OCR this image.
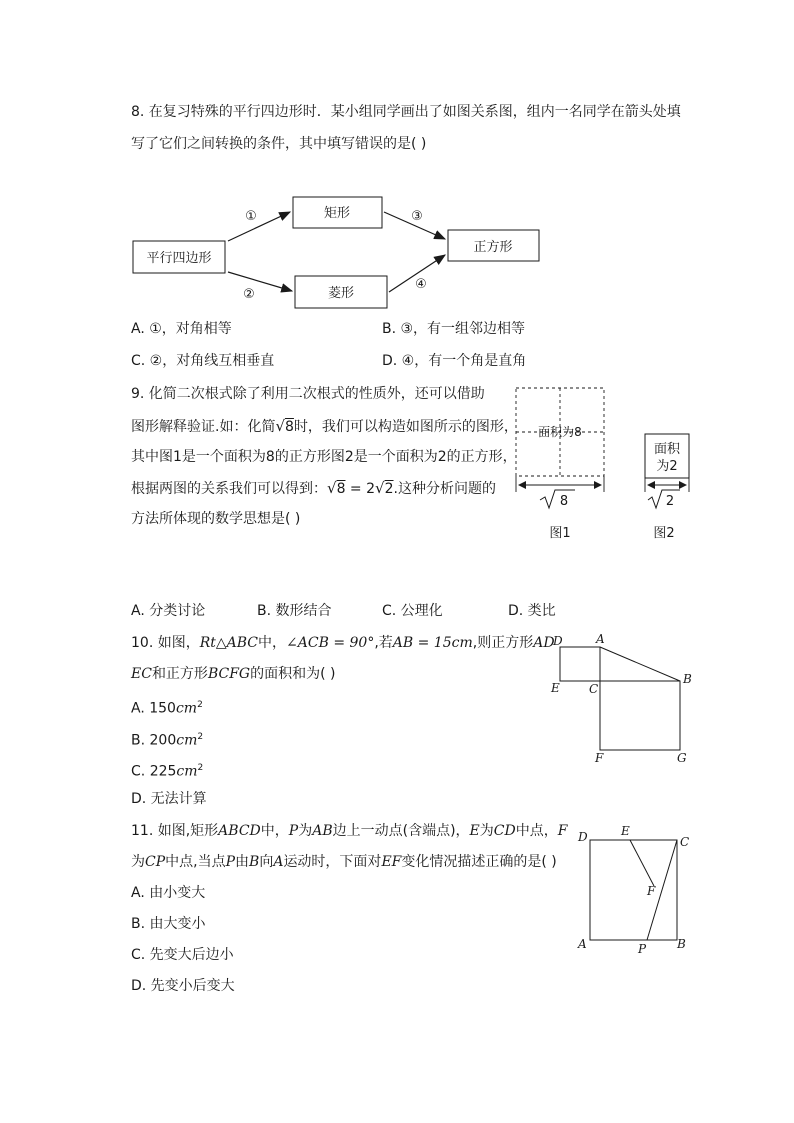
8. 在复习特殊的平行四边形时．某小组同学画出了如图关系图，组内一名同学在箭头处填
写了它们之间转换的条件，其中填写错误的是( )
平行四边形
矩形
菱形
正方形
①
②
③
④
A. ①，对角相等	B. ③，有一组邻边相等
C. ②，对角线互相垂直	D. ④，有一个角是直角
9. 化简二次根式除了利用二次根式的性质外，还可以借助
图形解释验证.如：化简√8时，我们可以构造如图所示的图形，
其中图1是一个面积为8的正方形图2是一个面积为2的正方形，
根据两图的关系我们可以得到：√8 = 2√2.这种分析问题的
方法所体现的数学思想是( )
面积为8
8
图1
面积
为2
2
图2
A. 分类讨论	B. 数形结合	C. 公理化	D. 类比
10. 如图，Rt△ABC中，∠ACB = 90°,若AB = 15cm,则正方形AD
EC和正方形BCFG的面积和为( )
A. $150cm^2$
B. $200cm^2$
C. $225cm^2$
D. 无法计算
D	A
E C
B
F	G
11. 如图,矩形ABCD中，P为AB边上一动点(含端点)，E为CD中点，F
为CP中点,当点P由B向A运动时，下面对EF变化情况描述正确的是( )
A. 由小变大
B. 由大变小
C. 先变大后边小
D. 先变小后变大
D	E
C
F
A	P	B
